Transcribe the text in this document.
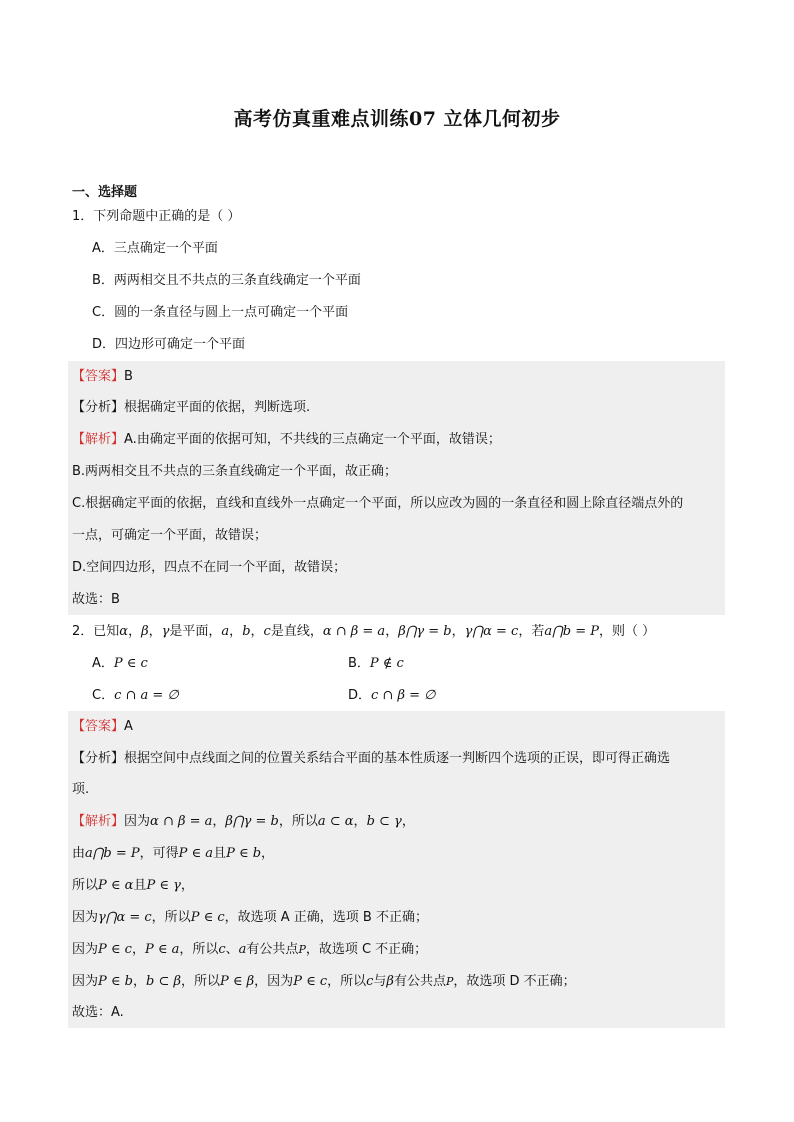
高考仿真重难点训练07 立体几何初步
一、选择题
1．下列命题中正确的是（ ）
A．三点确定一个平面
B．两两相交且不共点的三条直线确定一个平面
C．圆的一条直径与圆上一点可确定一个平面
D．四边形可确定一个平面
【答案】B
【分析】根据确定平面的依据，判断选项.
【解析】A.由确定平面的依据可知，不共线的三点确定一个平面，故错误；
B.两两相交且不共点的三条直线确定一个平面，故正确；
C.根据确定平面的依据，直线和直线外一点确定一个平面，所以应改为圆的一条直径和圆上除直径端点外的
一点，可确定一个平面，故错误；
D.空间四边形，四点不在同一个平面，故错误；
故选：B
2．已知α，β，γ是平面，a，b，c是直线，α ∩ β = a，β⋂γ = b，γ⋂α = c，若a⋂b = P，则（ ）
A．P ∈ c	B．P ∉ c
C．c ∩ a = ∅	D．c ∩ β = ∅
【答案】A
【分析】根据空间中点线面之间的位置关系结合平面的基本性质逐一判断四个选项的正误，即可得正确选
项.
【解析】因为α ∩ β = a，β⋂γ = b，所以a ⊂ α，b ⊂ γ，
由a⋂b = P，可得P ∈ a且P ∈ b，
所以P ∈ α且P ∈ γ，
因为γ⋂α = c，所以P ∈ c，故选项 A 正确，选项 B 不正确；
因为P ∈ c，P ∈ a，所以c、a有公共点P，故选项 C 不正确；
因为P ∈ b，b ⊂ β，所以P ∈ β，因为P ∈ c，所以c与β有公共点P，故选项 D 不正确；
故选：A.
